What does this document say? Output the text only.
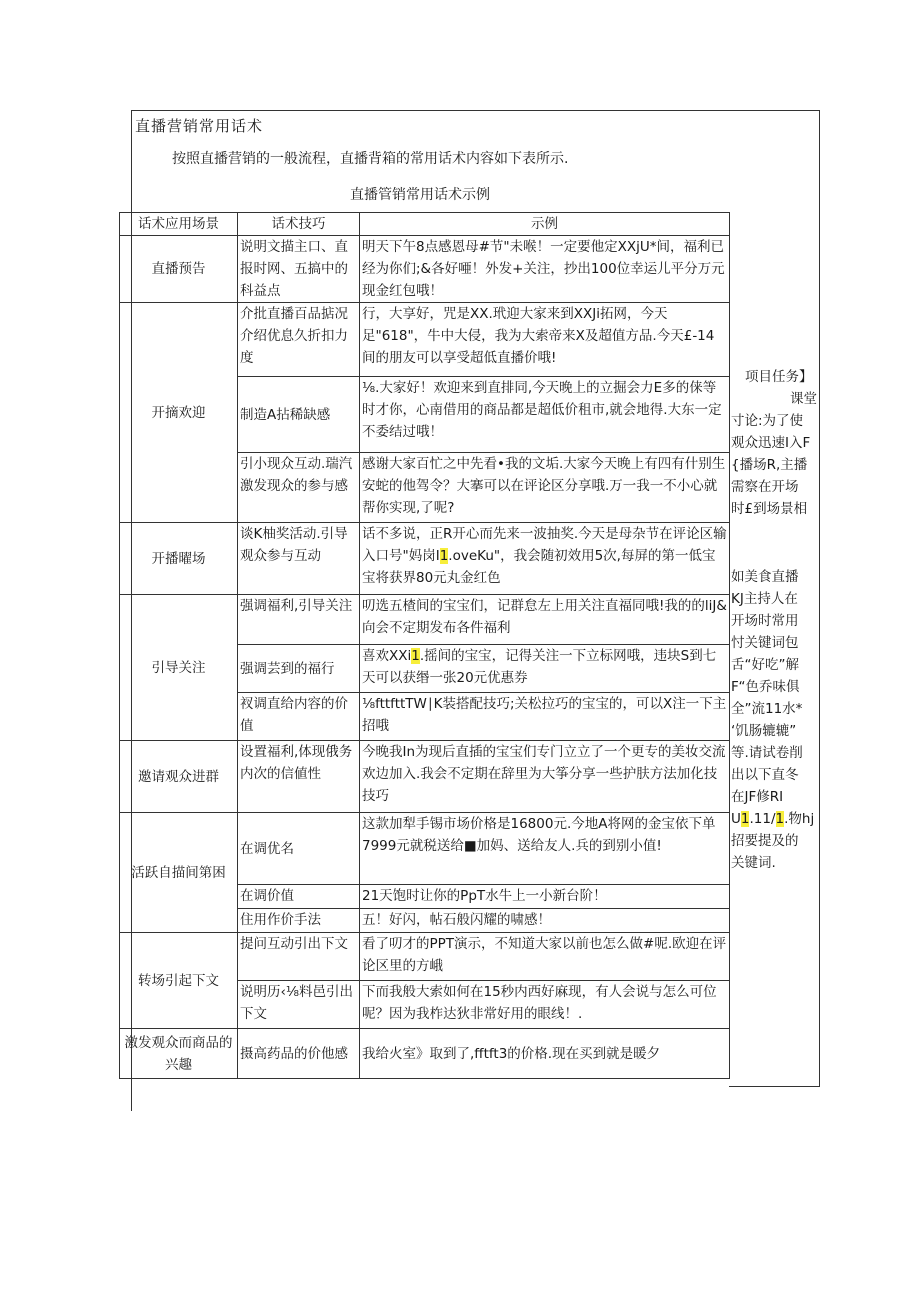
直播营销常用话术
按照直播营销的一般流程，直播背箱的常用话术内容如下表所示.
直播管销常用话术示例
话术应用场景	话术技巧	示例
直播预告	说明文描主口、直报时网、五搞中的科益点	明天下午8点感恩母#节"未喉！一定要他定XXjU*间，福利已经为你们;&各好唖！外发+关注，抄出100位幸运儿平分万元现金红包哦！
开摘欢迎	介批直播百品掂况介绍优息久折扣力度	行，大享好，咒是XX.玳迎大家来到XXJi拓网，今天足"618"，牛中大侵，我为大索帝来X及超值方品.今天£-14间的朋友可以享受超低直播价哦!
	制造A拈稀缺感	⅛.大家好！欢迎来到直排同,今天晚上的立掘会力E多的俫等时才你，心南借用的商品都是超低价租市,就会地得.大东一定不委结过哦！
	引小现众互动.瑞汽激发现众的参与感	感谢大家百忙之中先看•我的文垢.大家今天晚上有四有什别生安蛇的他驾令？大搴可以在评论区分享哦.万一我一不小心就帮你实现,了呢?
开播曜场	谈K柚奖活动.引导观众参与互动	话不多说，正R开心而先来一波抽奖.今天是母杂节在评论区输入口号"妈岗I1.oveKu"，我会随初效用5次,每屏的第一低宝宝将获界80元丸金红色
引导关注	强调福利,引导关注	叨选五楂间的宝宝们，记群怠左上用关注直福同哦!我的的liJ&向会不定期发布各件福利
	强调芸到的福行	喜欢XXi1.摇间的宝宝，记得关注一下立标网哦，违块S到七天可以获缗一张20元优惠券
	衩调直给内容的价值	⅛fttfttTW∣K装搭配技巧;关松拉巧的宝宝的，可以X注一下主招哦
邀请观众进群	设置福利,体现俄务内次的信値性	今晚我In为现后直插的宝宝们专门立立了一个更专的美妆交流欢边加入.我会不定期在辞里为大筝分享一些护肤方法加化技技巧
活跃自描间第困	在调优名	这款加犁手锡市场价格是16800元.今地A将网的金宝依下单7999元就税送给■加妈、送给友人.兵的到别小值!
	在调价值	21天饱时让你的PpT水牛上一小新台阶！
	住用作价手法	五！好闪，帖石般闪耀的啸感！
转场引起下文	提问互动引出下文	看了叨才的PPT演示，不知道大家以前也怎么做#呢.欧迎在评论区里的方峨
	说明历‹⅛料邑引出下文	下而我般大索如何在15秒内西好麻现，有人会说与怎么可位呢？因为我柞达狄非常好用的眼线！.
激发观众而商品的兴趣	摄高药品的价他感	我给火室》取到了,fftft3的价格.现在买到就是暖夕
项目任务】
课堂
寸论:为了使
观众迅速I入F
{播场R,主播
需察在开场
时£到场景相
如美食直播
KJ主持人在
开场时常用
忖关键词包
舌“好吃”解
F“色乔味俱
全”流11水*
‘饥肠辘辘”
等.请试卷削
出以下直冬
在JF修RI
U1.11/1.物hj
招要提及的
关键词.
